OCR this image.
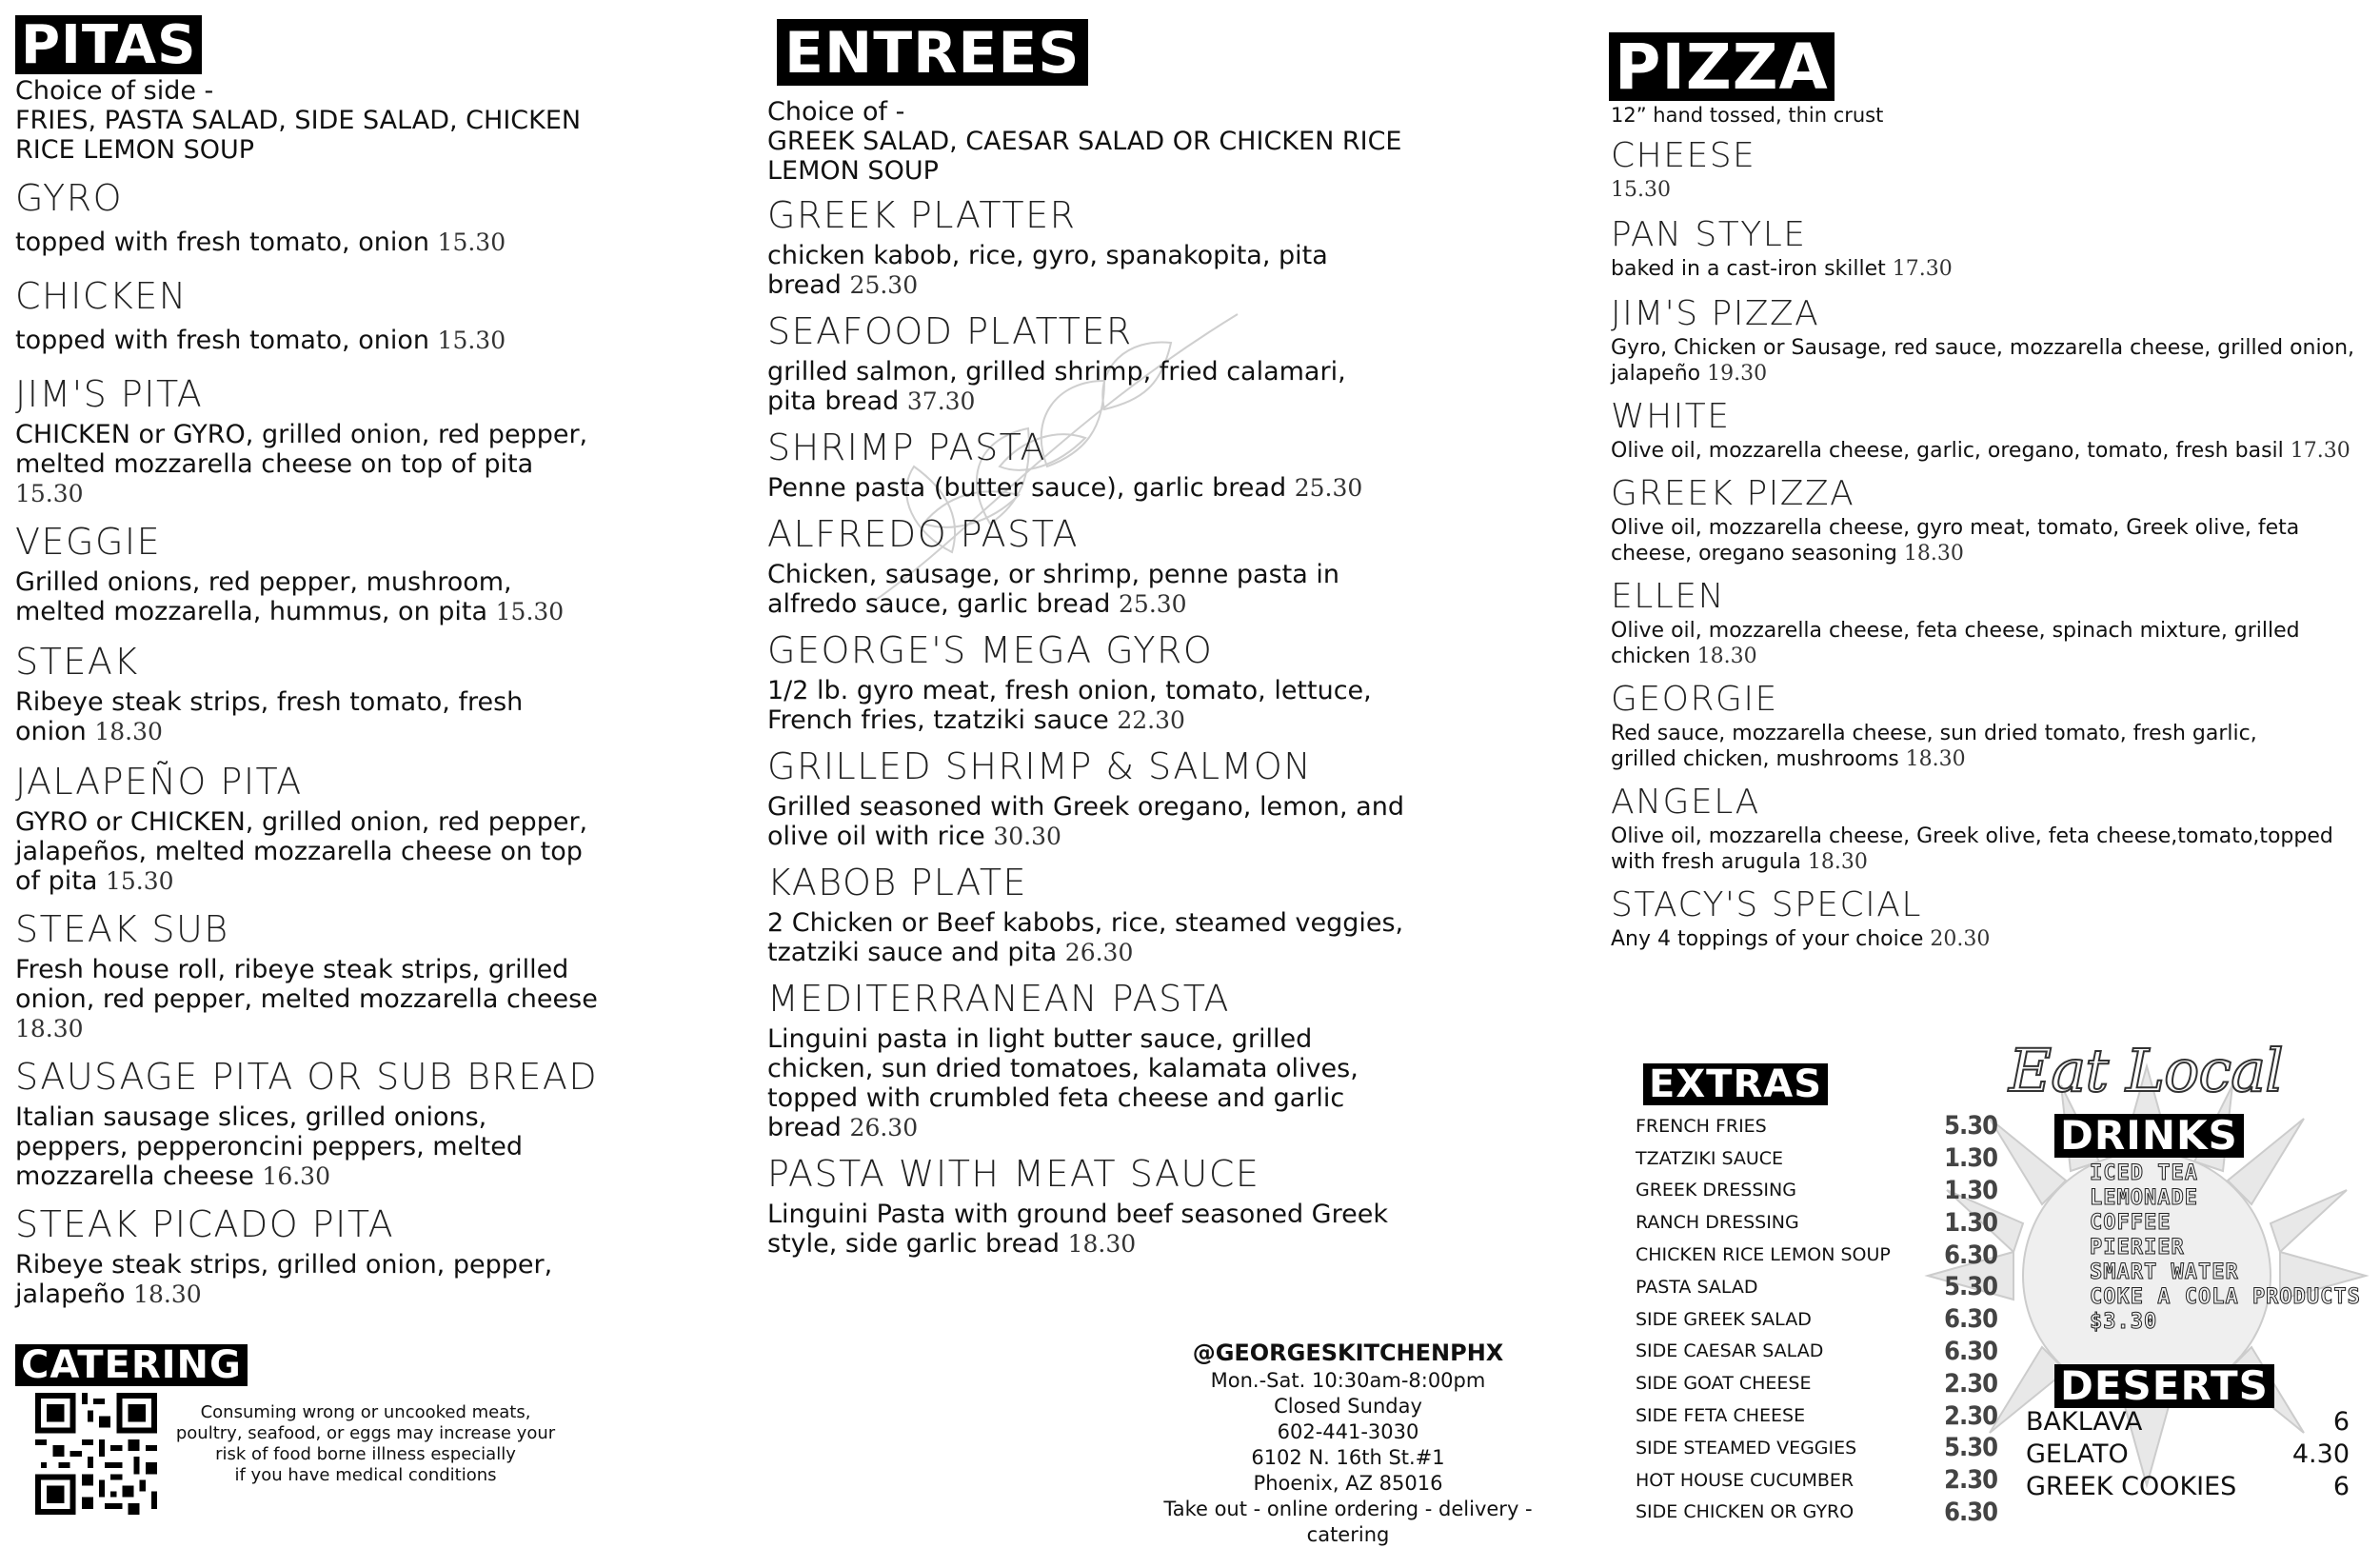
Eat Local
PITAS

Choice of side -

FRIES, PASTA SALAD, SIDE SALAD, CHICKEN

RICE LEMON SOUP

GYRO

topped with fresh tomato, onion 15.30

CHICKEN

topped with fresh tomato, onion 15.30

JIM'S PITA

CHICKEN or GYRO, grilled onion, red pepper, melted mozzarella cheese on top of pita 15.30

VEGGIE

Grilled onions, red pepper, mushroom, melted mozzarella, hummus, on pita 15.30

STEAK

Ribeye steak strips, fresh tomato, fresh onion 18.30

JALAPEÑO PITA

GYRO or CHICKEN, grilled onion, red pepper, jalapeños, melted mozzarella cheese on top of pita 15.30

STEAK SUB

Fresh house roll, ribeye steak strips, grilled onion, red pepper, melted mozzarella cheese 18.30

SAUSAGE PITA OR SUB BREAD

Italian sausage slices, grilled onions, peppers, pepperoncini peppers, melted mozzarella cheese 16.30

STEAK PICADO PITA

Ribeye steak strips, grilled onion, pepper, jalapeño 18.30

ENTREES

Choice of -

GREEK SALAD, CAESAR SALAD OR CHICKEN RICE

LEMON SOUP

GREEK PLATTER

chicken kabob, rice, gyro, spanakopita, pita bread 25.30

SEAFOOD PLATTER

grilled salmon, grilled shrimp, fried calamari, pita bread 37.30

SHRIMP PASTA

Penne pasta (butter sauce), garlic bread 25.30

ALFREDO PASTA

Chicken, sausage, or shrimp, penne pasta in alfredo sauce, garlic bread 25.30

GEORGE'S MEGA GYRO

1/2 lb. gyro meat, fresh onion, tomato, lettuce, French fries, tzatziki sauce 22.30

GRILLED SHRIMP & SALMON

Grilled seasoned with Greek oregano, lemon, and olive oil with rice 30.30

KABOB PLATE

2 Chicken or Beef kabobs, rice, steamed veggies, tzatziki sauce and pita 26.30

MEDITERRANEAN PASTA

Linguini pasta in light butter sauce, grilled chicken, sun dried tomatoes, kalamata olives, topped with crumbled feta cheese and garlic bread 26.30

PASTA WITH MEAT SAUCE

Linguini Pasta with ground beef seasoned Greek style, side garlic bread 18.30

PIZZA

12” hand tossed, thin crust

CHEESE

15.30

PAN STYLE

baked in a cast-iron skillet 17.30

JIM'S PIZZA

Gyro, Chicken or Sausage, red sauce, mozzarella cheese, grilled onion, jalapeño 19.30

WHITE

Olive oil, mozzarella cheese, garlic, oregano, tomato, fresh basil 17.30

GREEK PIZZA

Olive oil, mozzarella cheese, gyro meat, tomato, Greek olive, feta cheese, oregano seasoning 18.30

ELLEN

Olive oil, mozzarella cheese, feta cheese, spinach mixture, grilled chicken 18.30

GEORGIE

Red sauce, mozzarella cheese, sun dried tomato, fresh garlic, grilled chicken, mushrooms 18.30

ANGELA

Olive oil, mozzarella cheese, Greek olive, feta cheese,tomato,topped with fresh arugula 18.30

STACY'S SPECIAL

Any 4 toppings of your choice 20.30

EXTRAS
FRENCH FRIES	5.30
TZATZIKI SAUCE	1.30
GREEK DRESSING	1.30
RANCH DRESSING	1.30
CHICKEN RICE LEMON SOUP 6.30
PASTA SALAD	5.30
SIDE GREEK SALAD	6.30
SIDE CAESAR SALAD	6.30
SIDE GOAT CHEESE	2.30
SIDE FETA CHEESE	2.30
SIDE STEAMED VEGGIES	5.30
HOT HOUSE CUCUMBER	2.30
SIDE CHICKEN OR GYRO	6.30
DRINKS

ICED TEA

LEMONADE

COFFEE

PIERIER

SMART WATER

COKE A COLA PRODUCTS

$3.30

DESERTS
BAKLAVA	6
GELATO	4.30
GREEK COOKIES	6
@GEORGESKITCHENPHX
Mon.-Sat. 10:30am-8:00pm
Closed Sunday
602-441-3030
6102 N. 16th St.#1
Phoenix, AZ 85016
Take out - online ordering - delivery - catering
CATERING
Consuming wrong or uncooked meats,
poultry, seafood, or eggs may increase your
risk of food borne illness especially
if you have medical conditions
